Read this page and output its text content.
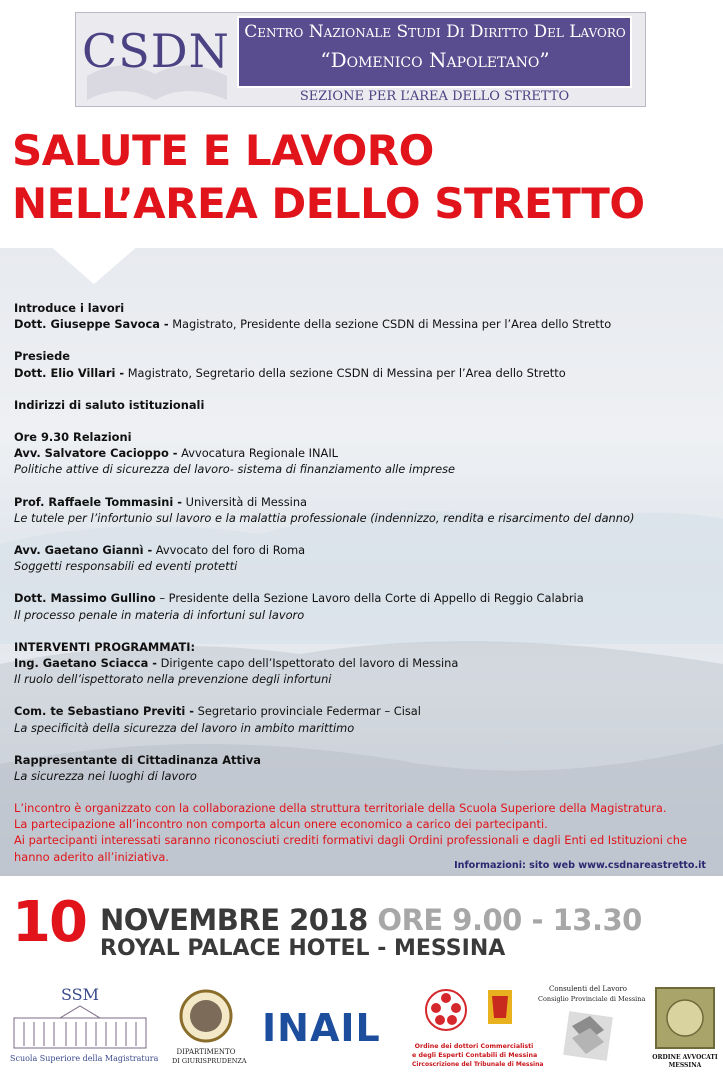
CSDN Centro Nazionale Studi Di Diritto Del Lavoro
“Domenico Napoletano”
SEZIONE PER L’AREA DELLO STRETTO
SALUTE E LAVORO
NELL’AREA DELLO STRETTO
Introduce i lavori
Dott. Giuseppe Savoca - Magistrato, Presidente della sezione CSDN di Messina per l’Area dello Stretto
Presiede
Dott. Elio Villari - Magistrato, Segretario della sezione CSDN di Messina per l’Area dello Stretto
Indirizzi di saluto istituzionali
Ore 9.30 Relazioni
Avv. Salvatore Cacioppo - Avvocatura Regionale INAIL
Politiche attive di sicurezza del lavoro- sistema di finanziamento alle imprese
Prof. Raffaele Tommasini - Università di Messina
Le tutele per l’infortunio sul lavoro e la malattia professionale (indennizzo, rendita e risarcimento del danno)
Avv. Gaetano Giannì - Avvocato del foro di Roma
Soggetti responsabili ed eventi protetti
Dott. Massimo Gullino – Presidente della Sezione Lavoro della Corte di Appello di Reggio Calabria
Il processo penale in materia di infortuni sul lavoro
INTERVENTI PROGRAMMATI:
Ing. Gaetano Sciacca - Dirigente capo dell’Ispettorato del lavoro di Messina
Il ruolo dell’ispettorato nella prevenzione degli infortuni
Com. te Sebastiano Previti - Segretario provinciale Federmar – Cisal
La specificità della sicurezza del lavoro in ambito marittimo
Rappresentante di Cittadinanza Attiva
La sicurezza nei luoghi di lavoro
L’incontro è organizzato con la collaborazione della struttura territoriale della Scuola Superiore della Magistratura.
La partecipazione all’incontro non comporta alcun onere economico a carico dei partecipanti.
Ai partecipanti interessati saranno riconosciuti crediti formativi dagli Ordini professionali e dagli Enti ed Istituzioni che hanno aderito all’iniziativa.
Informazioni: sito web www.csdnareastretto.it
10 NOVEMBRE 2018 ORE 9.00 - 13.30
ROYAL PALACE HOTEL - MESSINA
SSM
Scuola Superiore della Magistratura
DIPARTIMENTO
DI GIURISPRUDENZA
INAIL	Ordine dei dottori Commercialisti
e degli Esperti Contabili di Messina
Circoscrizione del Tribunale di Messina
Consulenti del Lavoro
Consiglio Provinciale di Messina
ORDINE AVVOCATI
MESSINA
